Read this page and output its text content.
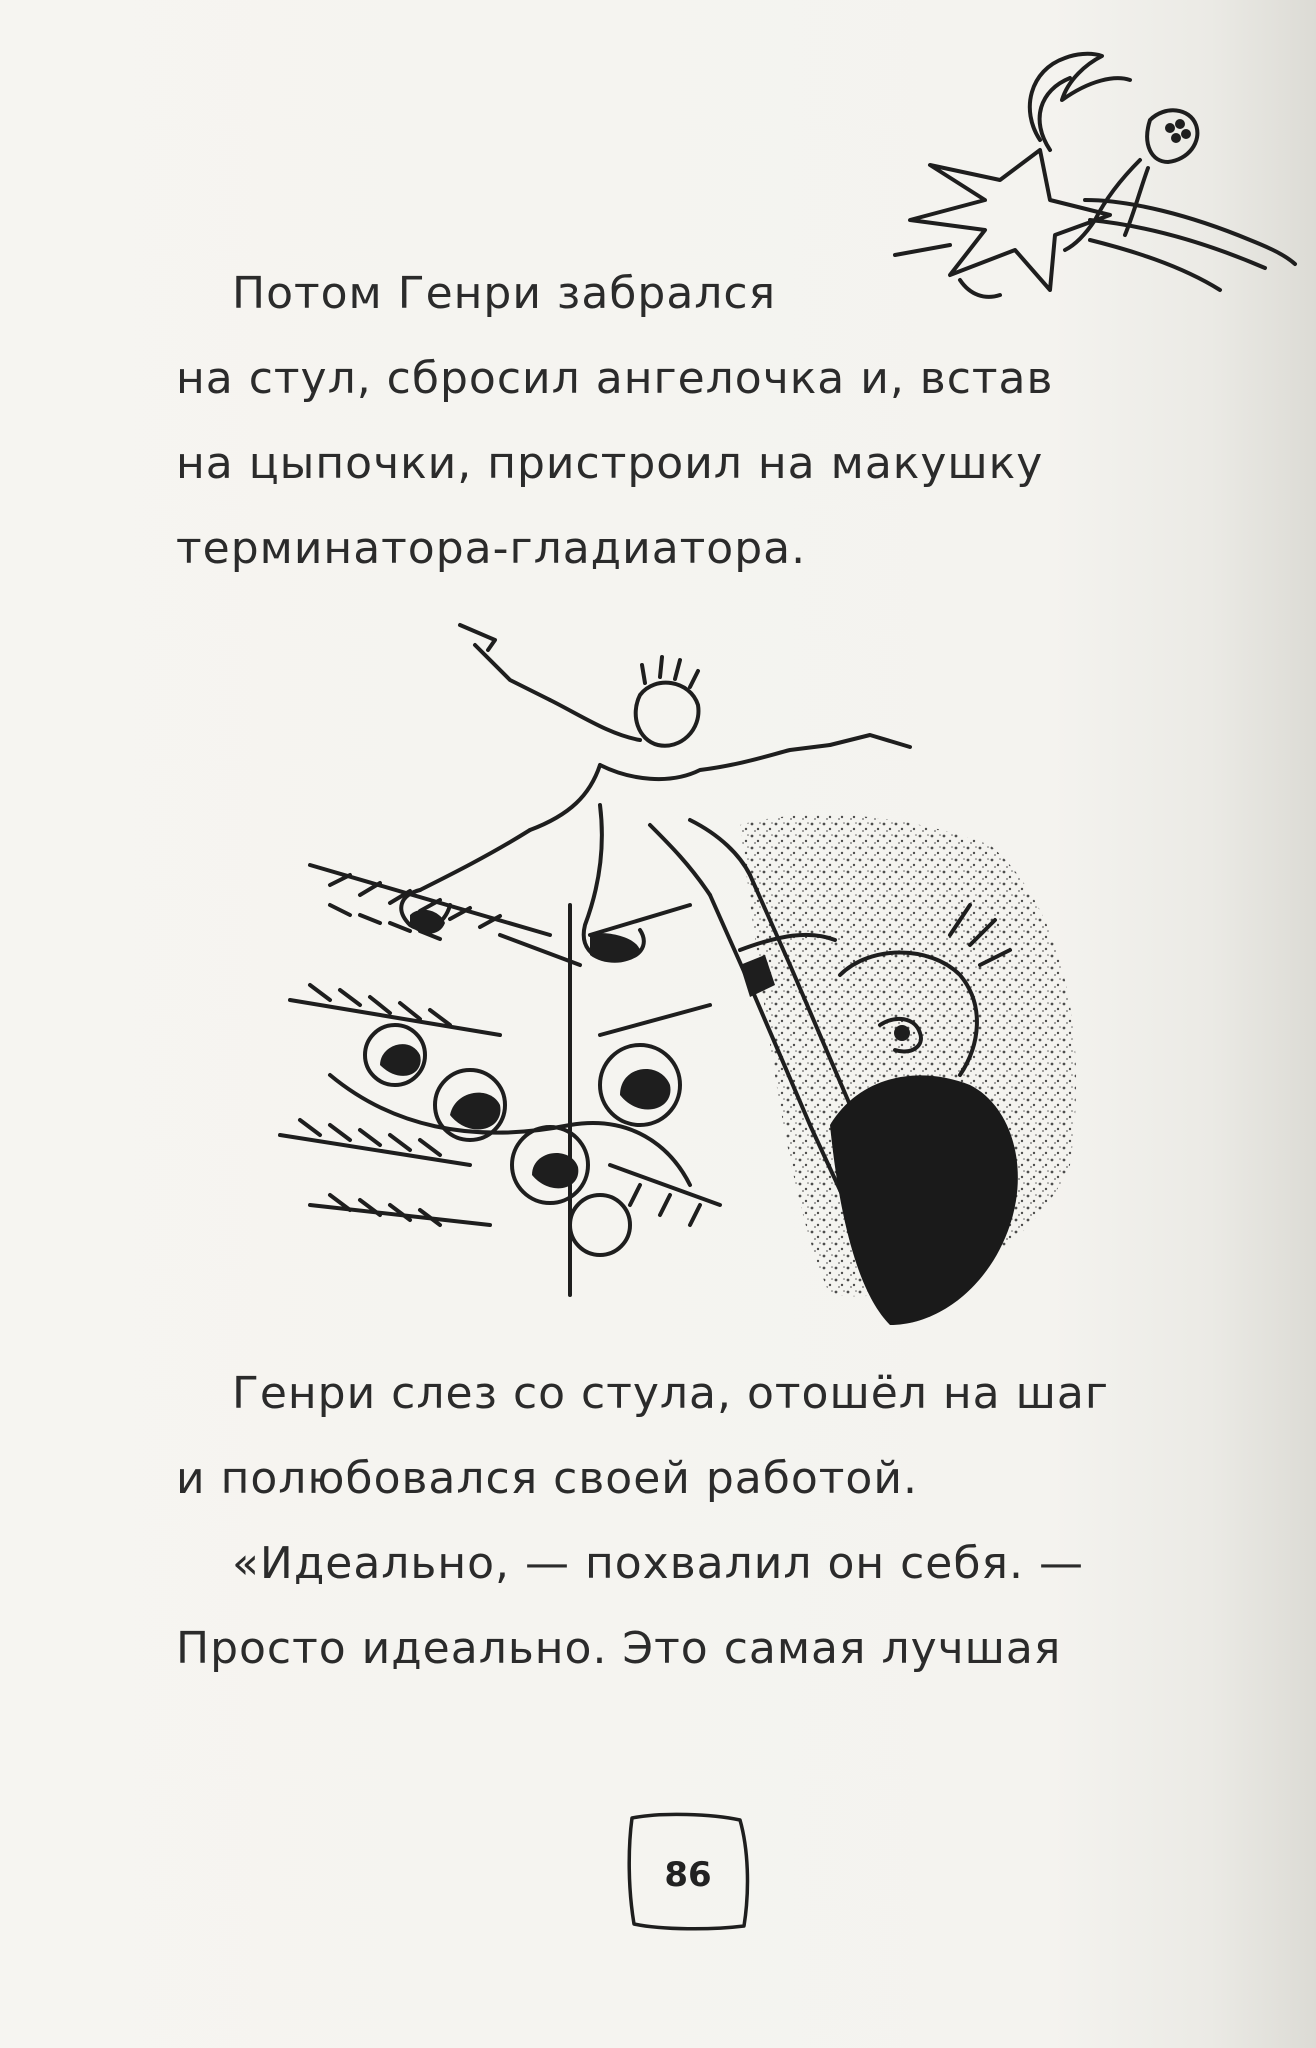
Потом Генри забрался
на стул, сбросил ангелочка и, встав
на цыпочки, пристроил на макушку
терминатора-гладиатора.
Генри слез со стула, отошёл на шаг
и полюбовался своей работой.
«Идеально, — похвалил он себя. —
Просто идеально. Это самая лучшая
86
